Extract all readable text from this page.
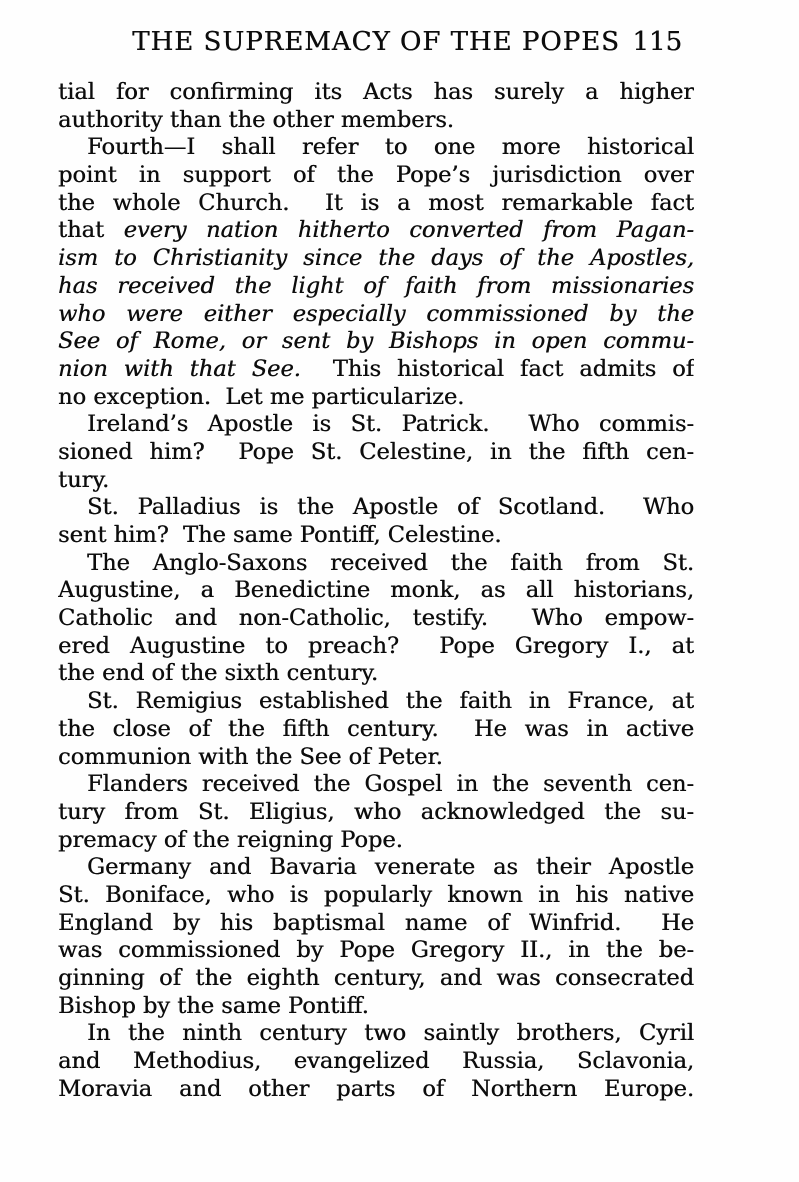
THE SUPREMACY OF THE POPES 115
tial for confirming its Acts has surely a higher
authority than the other members.
Fourth—I shall refer to one more historical
point in support of the Pope’s jurisdiction over
the whole Church.  It is a most remarkable fact
that every nation hitherto converted from Pagan-
ism to Christianity since the days of the Apostles,
has received the light of faith from missionaries
who were either especially commissioned by the
See of Rome, or sent by Bishops in open commu-
nion with that See.  This historical fact admits of
no exception.  Let me particularize.
Ireland’s Apostle is St. Patrick.  Who commis-
sioned him?  Pope St. Celestine, in the fifth cen-
tury.
St. Palladius is the Apostle of Scotland.  Who
sent him?  The same Pontiff, Celestine.
The Anglo-Saxons received the faith from St.
Augustine, a Benedictine monk, as all historians,
Catholic and non-Catholic, testify.  Who empow-
ered Augustine to preach?  Pope Gregory I., at
the end of the sixth century.
St. Remigius established the faith in France, at
the close of the fifth century.  He was in active
communion with the See of Peter.
Flanders received the Gospel in the seventh cen-
tury from St. Eligius, who acknowledged the su-
premacy of the reigning Pope.
Germany and Bavaria venerate as their Apostle
St. Boniface, who is popularly known in his native
England by his baptismal name of Winfrid.  He
was commissioned by Pope Gregory II., in the be-
ginning of the eighth century, and was consecrated
Bishop by the same Pontiff.
In the ninth century two saintly brothers, Cyril
and Methodius, evangelized Russia, Sclavonia,
Moravia and other parts of Northern Europe.
